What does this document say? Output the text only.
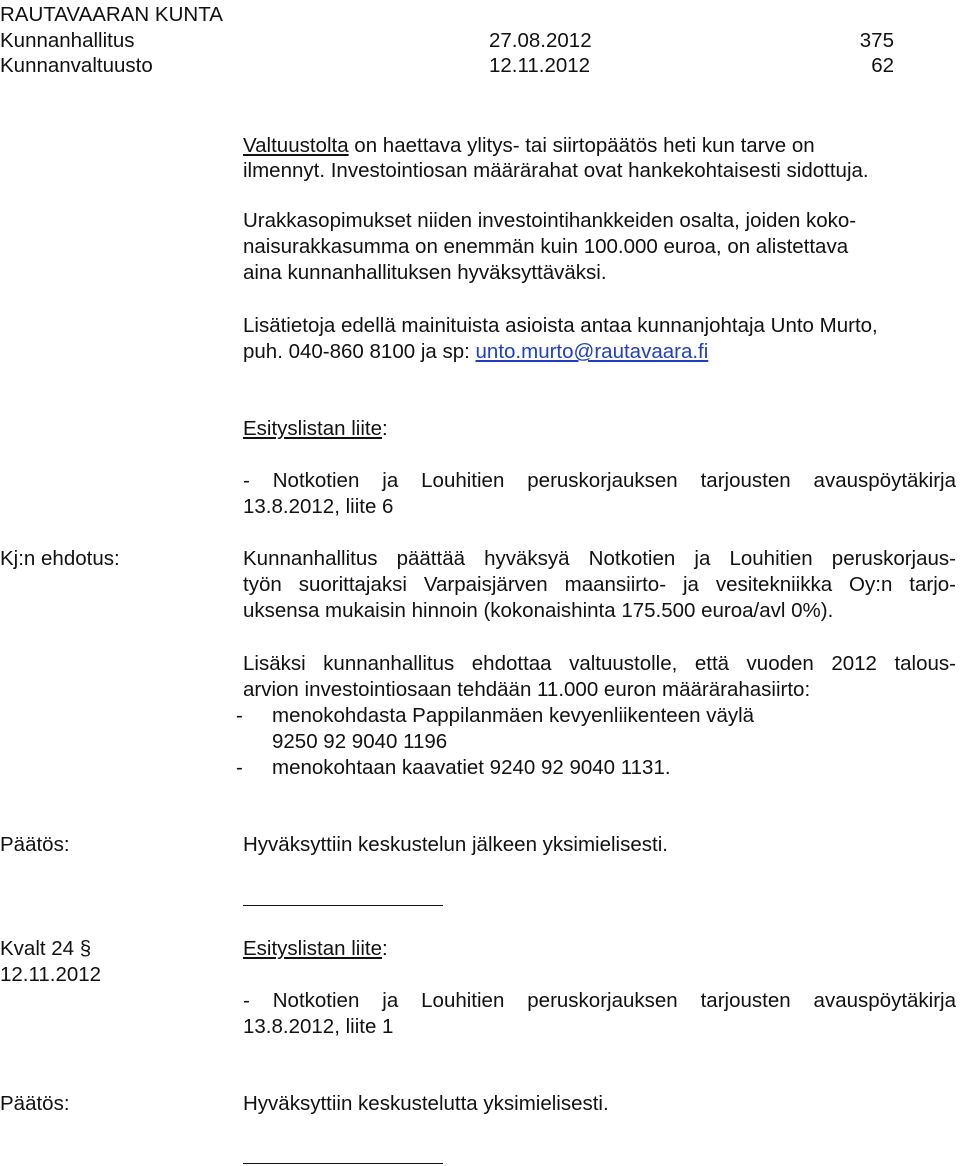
RAUTAVAARAN KUNTA
Kunnanhallitus	27.08.2012	375
Kunnanvaltuusto	12.11.2012	62
Valtuustolta on haettava ylitys- tai siirtopäätös heti kun tarve on
ilmennyt. Investointiosan määrärahat ovat hankekohtaisesti sidottuja.
Urakkasopimukset niiden investointihankkeiden osalta, joiden koko-
naisurakkasumma on enemmän kuin 100.000 euroa, on alistettava
aina kunnanhallituksen hyväksyttäväksi.
Lisätietoja edellä mainituista asioista antaa kunnanjohtaja Unto Murto,
puh. 040-860 8100 ja sp: unto.murto@rautavaara.fi
Esityslistan liite:
- Notkotien ja Louhitien peruskorjauksen tarjousten avauspöytäkirja
13.8.2012, liite 6
Kj:n ehdotus:	Kunnanhallitus päättää hyväksyä Notkotien ja Louhitien peruskorjaus-
työn suorittajaksi Varpaisjärven maansiirto- ja vesitekniikka Oy:n tarjo-
uksensa mukaisin hinnoin (kokonaishinta 175.500 euroa/avl 0%).
Lisäksi kunnanhallitus ehdottaa valtuustolle, että vuoden 2012 talous-
arvion investointiosaan tehdään 11.000 euron määrärahasiirto:
- menokohdasta Pappilanmäen kevyenliikenteen väylä
9250 92 9040 1196
- menokohtaan kaavatiet 9240 92 9040 1131.
Päätös:	Hyväksyttiin keskustelun jälkeen yksimielisesti.
Kvalt 24 §
12.11.2012
Esityslistan liite:
- Notkotien ja Louhitien peruskorjauksen tarjousten avauspöytäkirja
13.8.2012, liite 1
Päätös:	Hyväksyttiin keskustelutta yksimielisesti.
